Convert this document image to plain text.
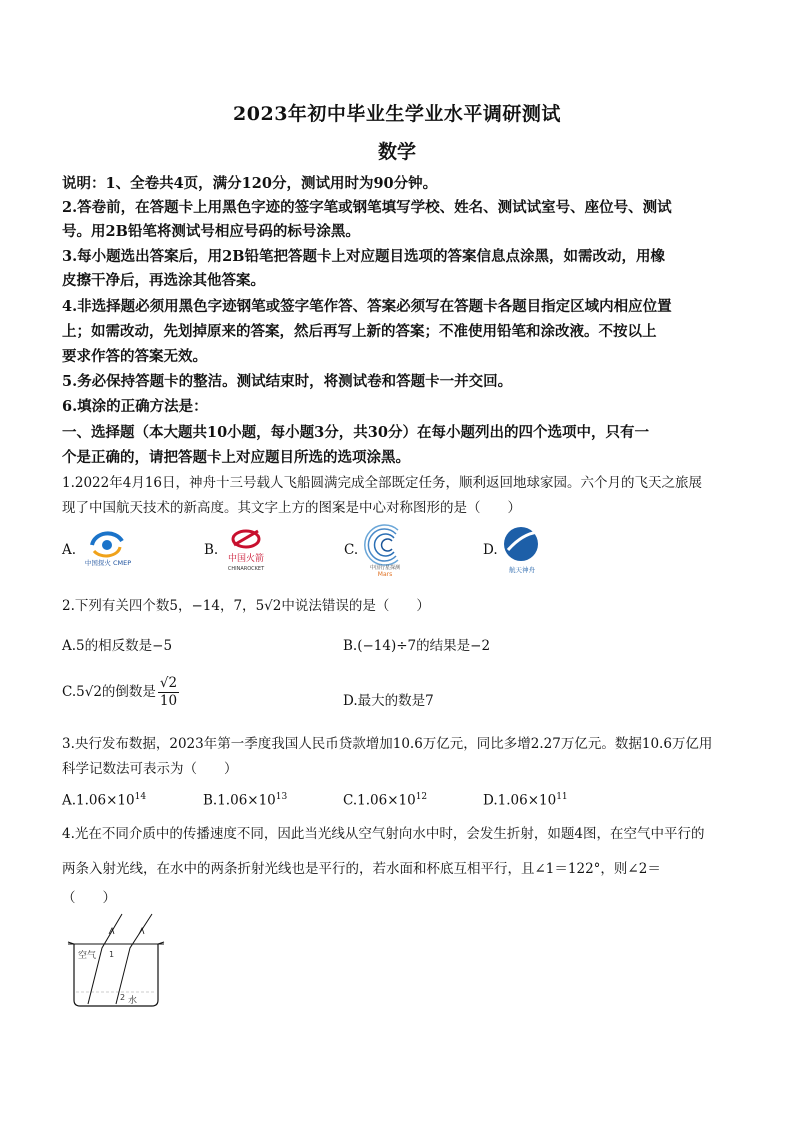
2023年初中毕业生学业水平调研测试
数学
说明：1、全卷共4页，满分120分，测试用时为90分钟。
2.答卷前，在答题卡上用黑色字迹的签字笔或钢笔填写学校、姓名、测试试室号、座位号、测试
号。用2B铅笔将测试号相应号码的标号涂黑。
3.每小题选出答案后，用2B铅笔把答题卡上对应题目选项的答案信息点涂黑，如需改动，用橡
皮擦干净后，再选涂其他答案。
4.非选择题必须用黑色字迹钢笔或签字笔作答、答案必须写在答题卡各题目指定区域内相应位置
上；如需改动，先划掉原来的答案，然后再写上新的答案；不准使用铅笔和涂改液。不按以上
要求作答的答案无效。
5.务必保持答题卡的整洁。测试结束时，将测试卷和答题卡一并交回。
6.填涂的正确方法是：
一、选择题（本大题共10小题，每小题3分，共30分）在每小题列出的四个选项中，只有一
个是正确的，请把答题卡上对应题目所选的选项涂黑。
1.2022年4月16日，神舟十三号载人飞船圆满完成全部既定任务，顺利返回地球家园。六个月的飞天之旅展
现了中国航天技术的新高度。其文字上方的图案是中心对称图形的是（　　）
A.
中国探火 CMEP
B.
中国火箭
CHINAROCKET
C.
中国行星探测
Mars
D.
航天神舟
2.下列有关四个数5，−14，7，5√2中说法错误的是（　　）
A.5的相反数是−5	B.(−14)÷7的结果是−2
C.5√2的倒数是 $\frac{√2}{10}$	D.最大的数是7
3.央行发布数据，2023年第一季度我国人民币贷款增加10.6万亿元，同比多增2.27万亿元。数据10.6万亿用
科学记数法可表示为（　　）
$A.1.06\times 10^{14}$	$B.1.06\times 10^{13}$	$C.1.06\times 10^{12}$	$D.1.06\times 10^{11}$
4.光在不同介质中的传播速度不同，因此当光线从空气射向水中时，会发生折射，如题4图，在空气中平行的
两条入射光线，在水中的两条折射光线也是平行的，若水面和杯底互相平行，且∠1＝122°，则∠2＝
（　　）
空气 1
2 水
